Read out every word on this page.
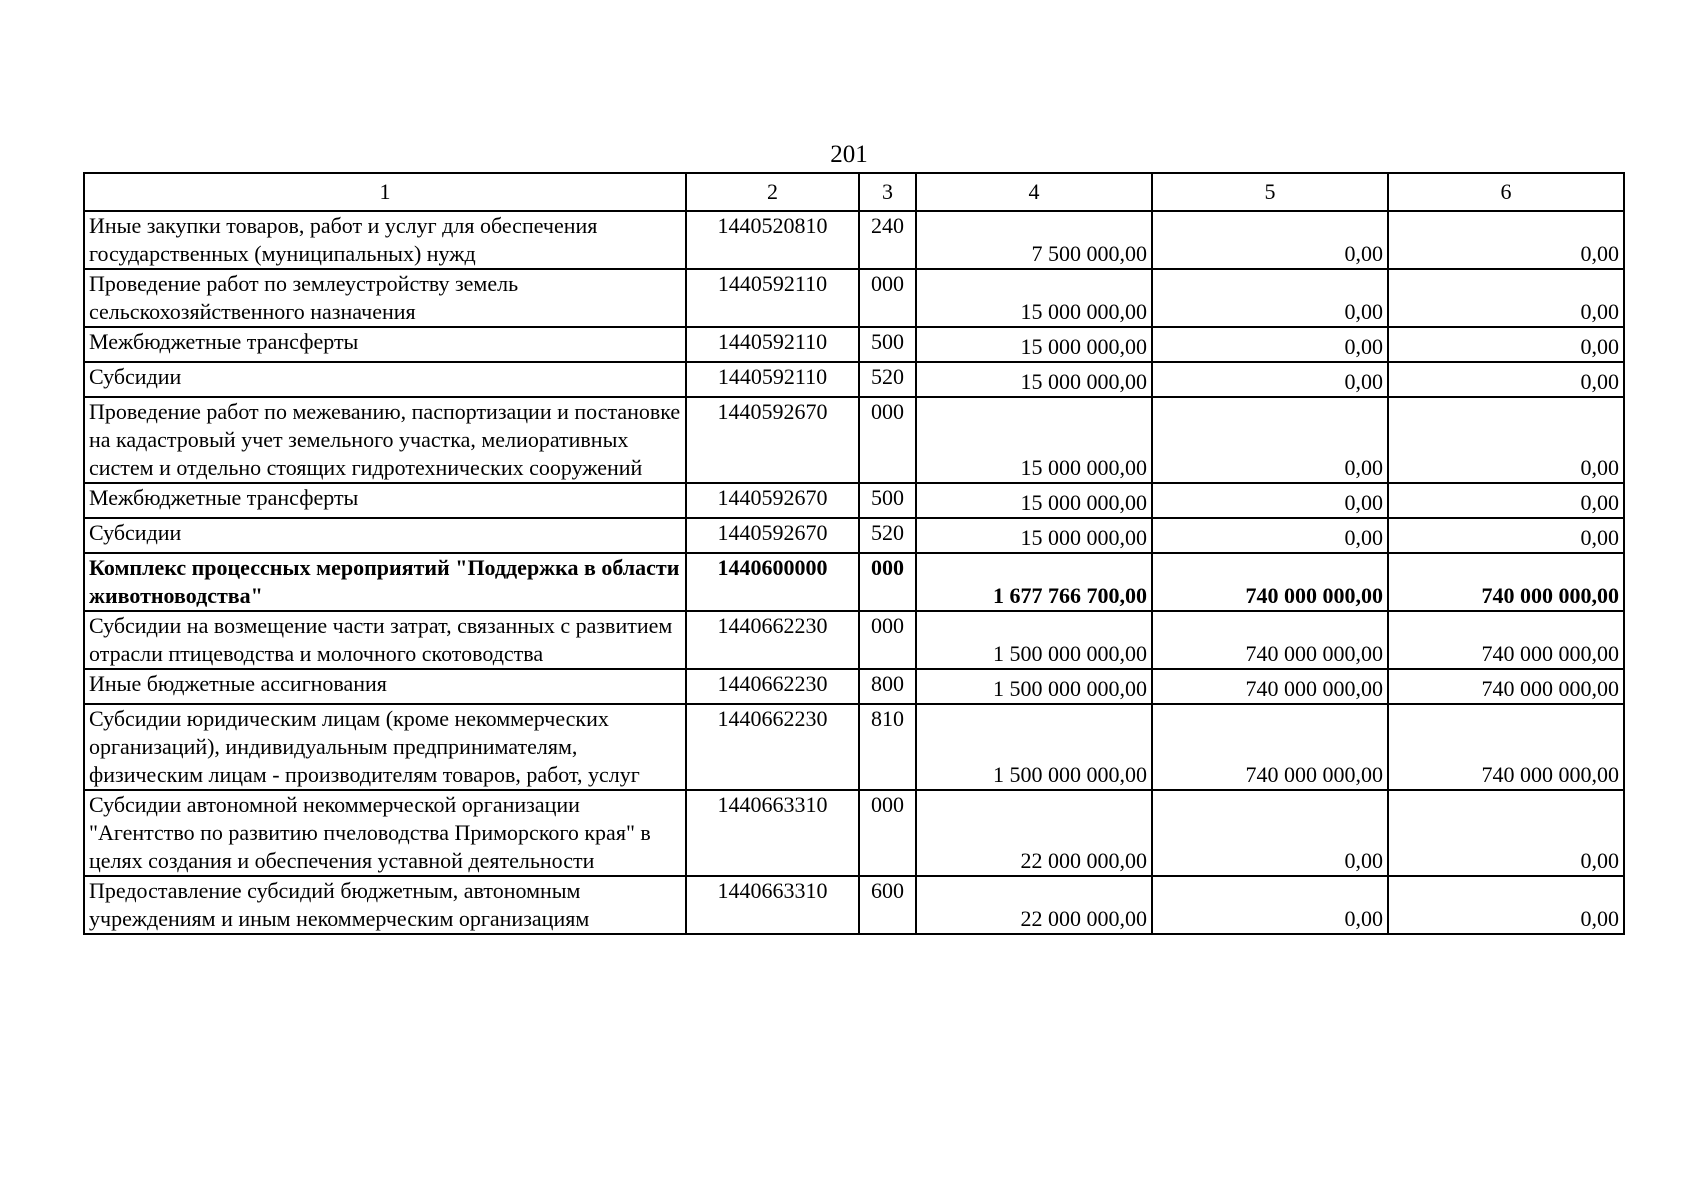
201
1	2	3	4	5	6
Иные закупки товаров, работ и услуг для обеспечения государственных (муниципальных) нужд	1440520810	240	7 500 000,00	0,00	0,00
Проведение работ по землеустройству земель сельскохозяйственного назначения	1440592110	000	15 000 000,00	0,00	0,00
Межбюджетные трансферты	1440592110	500	15 000 000,00	0,00	0,00
Субсидии	1440592110	520	15 000 000,00	0,00	0,00
Проведение работ по межеванию, паспортизации и постановке на кадастровый учет земельного участка, мелиоративных систем и отдельно стоящих гидротехнических сооружений	1440592670	000	15 000 000,00	0,00	0,00
Межбюджетные трансферты	1440592670	500	15 000 000,00	0,00	0,00
Субсидии	1440592670	520	15 000 000,00	0,00	0,00
Комплекс процессных мероприятий "Поддержка в области животноводства"	1440600000	000	1 677 766 700,00	740 000 000,00	740 000 000,00
Субсидии на возмещение части затрат, связанных с развитием отрасли птицеводства и молочного скотоводства	1440662230	000	1 500 000 000,00	740 000 000,00	740 000 000,00
Иные бюджетные ассигнования	1440662230	800	1 500 000 000,00	740 000 000,00	740 000 000,00
Субсидии юридическим лицам (кроме некоммерческих организаций), индивидуальным предпринимателям, физическим лицам - производителям товаров, работ, услуг	1440662230	810	1 500 000 000,00	740 000 000,00	740 000 000,00
Субсидии автономной некоммерческой организации "Агентство по развитию пчеловодства Приморского края" в целях создания и обеспечения уставной деятельности	1440663310	000	22 000 000,00	0,00	0,00
Предоставление субсидий бюджетным, автономным учреждениям и иным некоммерческим организациям	1440663310	600	22 000 000,00	0,00	0,00
